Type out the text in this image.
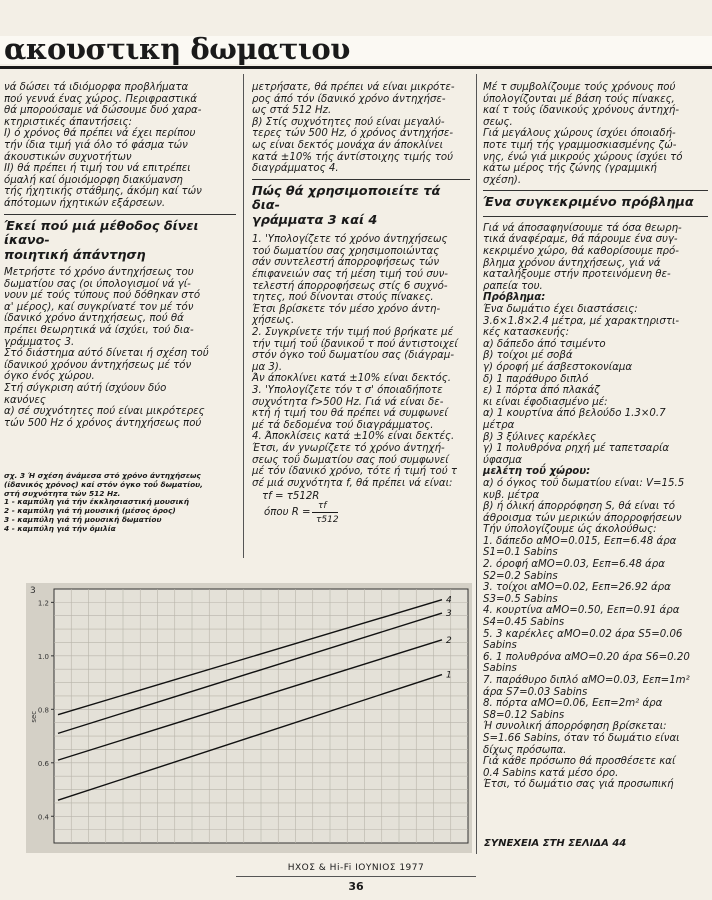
ακουστικη δωματιου

νά δώσει τά ιδιόμορφα προβλήματα

πού γεννά ένας χώρος. Περιφραστικά

θά μπορούσαμε νά δώσουμε δυό χαρα-

κτηριστικές άπαντήσεις:

Ι) ό χρόνος θά πρέπει νά έχει περίπου

τήν ίδια τιμή γιά όλο τό φάσμα τών

άκουστικών συχνοτήτων

ΙΙ) θά πρέπει ή τιμή του νά επιτρέπει

όμαλή καί όμοιόμορφη διακύμανση

τής ήχητικής στάθμης, άκόμη καί τών

άπότομων ήχητικών εξάρσεων.

Έκεί πού μιά μέθοδος δίνει ίκανο-

ποιητική άπάντηση

Μετρήστε τό χρόνο άντηχήσεως του

δωματίου σας (οι ύπολογισμοί νά γί-

νουν μέ τούς τύπους πού δόθηκαν στό

α' μέρος), καί συγκρίνατέ τον μέ τόν

ίδανικό χρόνο άντηχήσεως, πού θά

πρέπει θεωρητικά νά ίσχύει, τού δια-

γράμματος 3.

Στό διάστημα αύτό δίνεται ή σχέση τοΰ

ίδανικού χρόνου άντηχήσεως μέ τόν

όγκο ένός χώρου.

Στή σύγκριση αύτή ίσχύουν δύο

κανόνες

α) σέ συχνότητες πού είναι μικρότερες

τών 500 Hz ό χρόνος άντηχήσεως πού

σχ. 3 Ή σχέση άνάμεσα στό χρόνο άντηχήσεως

(ίδανικός χρόνος) καί στόν όγκο τοΰ δωματίου,

στή συχνότητα τών 512 Hz.

1 - καμπύλη γιά τήν έκκλησιαστική μουσική

2 - καμπύλη γιά τή μουσική (μέσος όρος)

3 - καμπύλη γιά τή μουσική δωματίου

4 - καμπύλη γιά τήν όμιλία

μετρήσατε, θά πρέπει νά είναι μικρότε-

ρος άπό τόν ίδανικό χρόνο άντηχήσε-

ως στά 512 Hz.

β) Στίς συχνότητες πού είναι μεγαλύ-

τερες τών 500 Hz, ό χρόνος άντηχήσε-

ως είναι δεκτός μονάχα άν άποκλίνει

κατά ±10% τής άντίστοιχης τιμής τού

διαγράμματος 4.

Πώς θά χρησιμοποιείτε τά δια-

γράμματα 3 καί 4

1. 'Υπολογίζετε τό χρόνο άντηχήσεως

τού δωματίου σας χρησιμοποιώντας

σάν συντελεστή άπορροφήσεως τών

έπιφανειών σας τή μέση τιμή τού συν-

τελεστή άπορροφήσεως στίς 6 συχνό-

τητες, πού δίνονται στούς πίνακες.

Έτσι βρίσκετε τόν μέσο χρόνο άντη-

χήσεως.

2. Συγκρίνετε τήν τιμή πού βρήκατε μέ

τήν τιμή τοΰ ίδανικοΰ τ πού άντιστοιχεί

στόν όγκο τοΰ δωματίου σας (διάγραμ-

μα 3).

Άν άποκλίνει κατά ±10% είναι δεκτός.

3. 'Υπολογίζετε τόν τ σ' όποιαδήποτε

συχνότητα f>500 Hz. Γιά νά είναι δε-

κτή ή τιμή του θά πρέπει νά συμφωνεί

μέ τά δεδομένα τού διαγράμματος.

4. Άποκλίσεις κατά ±10% είναι δεκτές.

Έτσι, άν γνωρίζετε τό χρόνο άντηχή-

σεως τοΰ δωματίου σας πού συμφωνεί

μέ τόν ίδανικό χρόνο, τότε ή τιμή τού τ

σέ μιά συχνότητα f, θά πρέπει νά είναι:

τf = τ512R
όπου R =
τf
τ512

Μέ τ συμβολίζουμε τούς χρόνους πού

ύπολογίζονται μέ βάση τούς πίνακες,

καί τ τούς ίδανικούς χρόνους άντηχή-

σεως.

Γιά μεγάλους χώρους ίσχύει όποιαδή-

ποτε τιμή τής γραμμοσκιασμένης ζώ-

νης, ένώ γιά μικρούς χώρους ίσχύει τό

κάτω μέρος τής ζώνης (γραμμική

σχέση).

Ένα συγκεκριμένο πρόβλημα

Γιά νά άποσαφηνίσουμε τά όσα θεωρη-

τικά άναφέραμε, θά πάρουμε ένα συγ-

κεκριμένο χώρο, θά καθορίσουμε πρό-

βλημα χρόνου άντηχήσεως, γιά νά

καταλήξουμε στήν προτεινόμενη θε-

ραπεία του.

Πρόβλημα:

Ένα δωμάτιο έχει διαστάσεις:

3.6×1.8×2.4 μέτρα, μέ χαρακτηριστι-

κές κατασκευής:

α) δάπεδο άπό τσιμέντο

β) τοίχοι μέ σοβά

γ) όροφή μέ άσβεστοκονίαμα

δ) 1 παράθυρο διπλό

ε) 1 πόρτα άπό πλακάζ

κι είναι έφοδιασμένο μέ:

α) 1 κουρτίνα άπό βελούδο 1.3×0.7

μέτρα

β) 3 ξύλινες καρέκλες

γ) 1 πολυθρόνα ρηχή μέ ταπετσαρία

ύφασμα

μελέτη τοΰ χώρου:

α) ό όγκος τοΰ δωματίου είναι: V=15.5

κυβ. μέτρα

β) ή όλική άπορρόφηση S, θά είναι τό

άθροισμα τών μερικών άπορροφήσεων

Τήν ύπολογίζουμε ώς άκολούθως:

1. δάπεδο αΜΟ=0.015, Εεπ=6.48 άρα

S1=0.1 Sabins

2. όροφή αΜΟ=0.03, Εεπ=6.48 άρα

S2=0.2 Sabins

3. τοίχοι αΜΟ=0.02, Εεπ=26.92 άρα

S3=0.5 Sabins

4. κουρτίνα αΜΟ=0.50, Εεπ=0.91 άρα

S4=0.45 Sabins

5. 3 καρέκλες αΜΟ=0.02 άρα S5=0.06

Sabins

6. 1 πολυθρόνα αΜΟ=0.20 άρα S6=0.20

Sabins

7. παράθυρο διπλό αΜΟ=0.03, Εεπ=1m²

άρα S7=0.03 Sabins

8. πόρτα αΜΟ=0.06, Εεπ=2m² άρα

S8=0.12 Sabins

Ή συνολική άπορρόφηση βρίσκεται:

S=1.66 Sabins, όταν τό δωμάτιο είναι

δίχως πρόσωπα.

Γιά κάθε πρόσωπο θά προσθέσετε καί

0.4 Sabins κατά μέσο όρο.

Έτσι, τό δωμάτιο σας γιά προσωπική

0.4
0.6
0.8
1.0
1.2
sec
3
1
2
3
4
ΣΥΝΕΧΕΙΑ ΣΤΗ ΣΕΛΙΔΑ 44
ΗΧΟΣ & Hi-Fi ΙΟΥΝΙΟΣ 1977
36
